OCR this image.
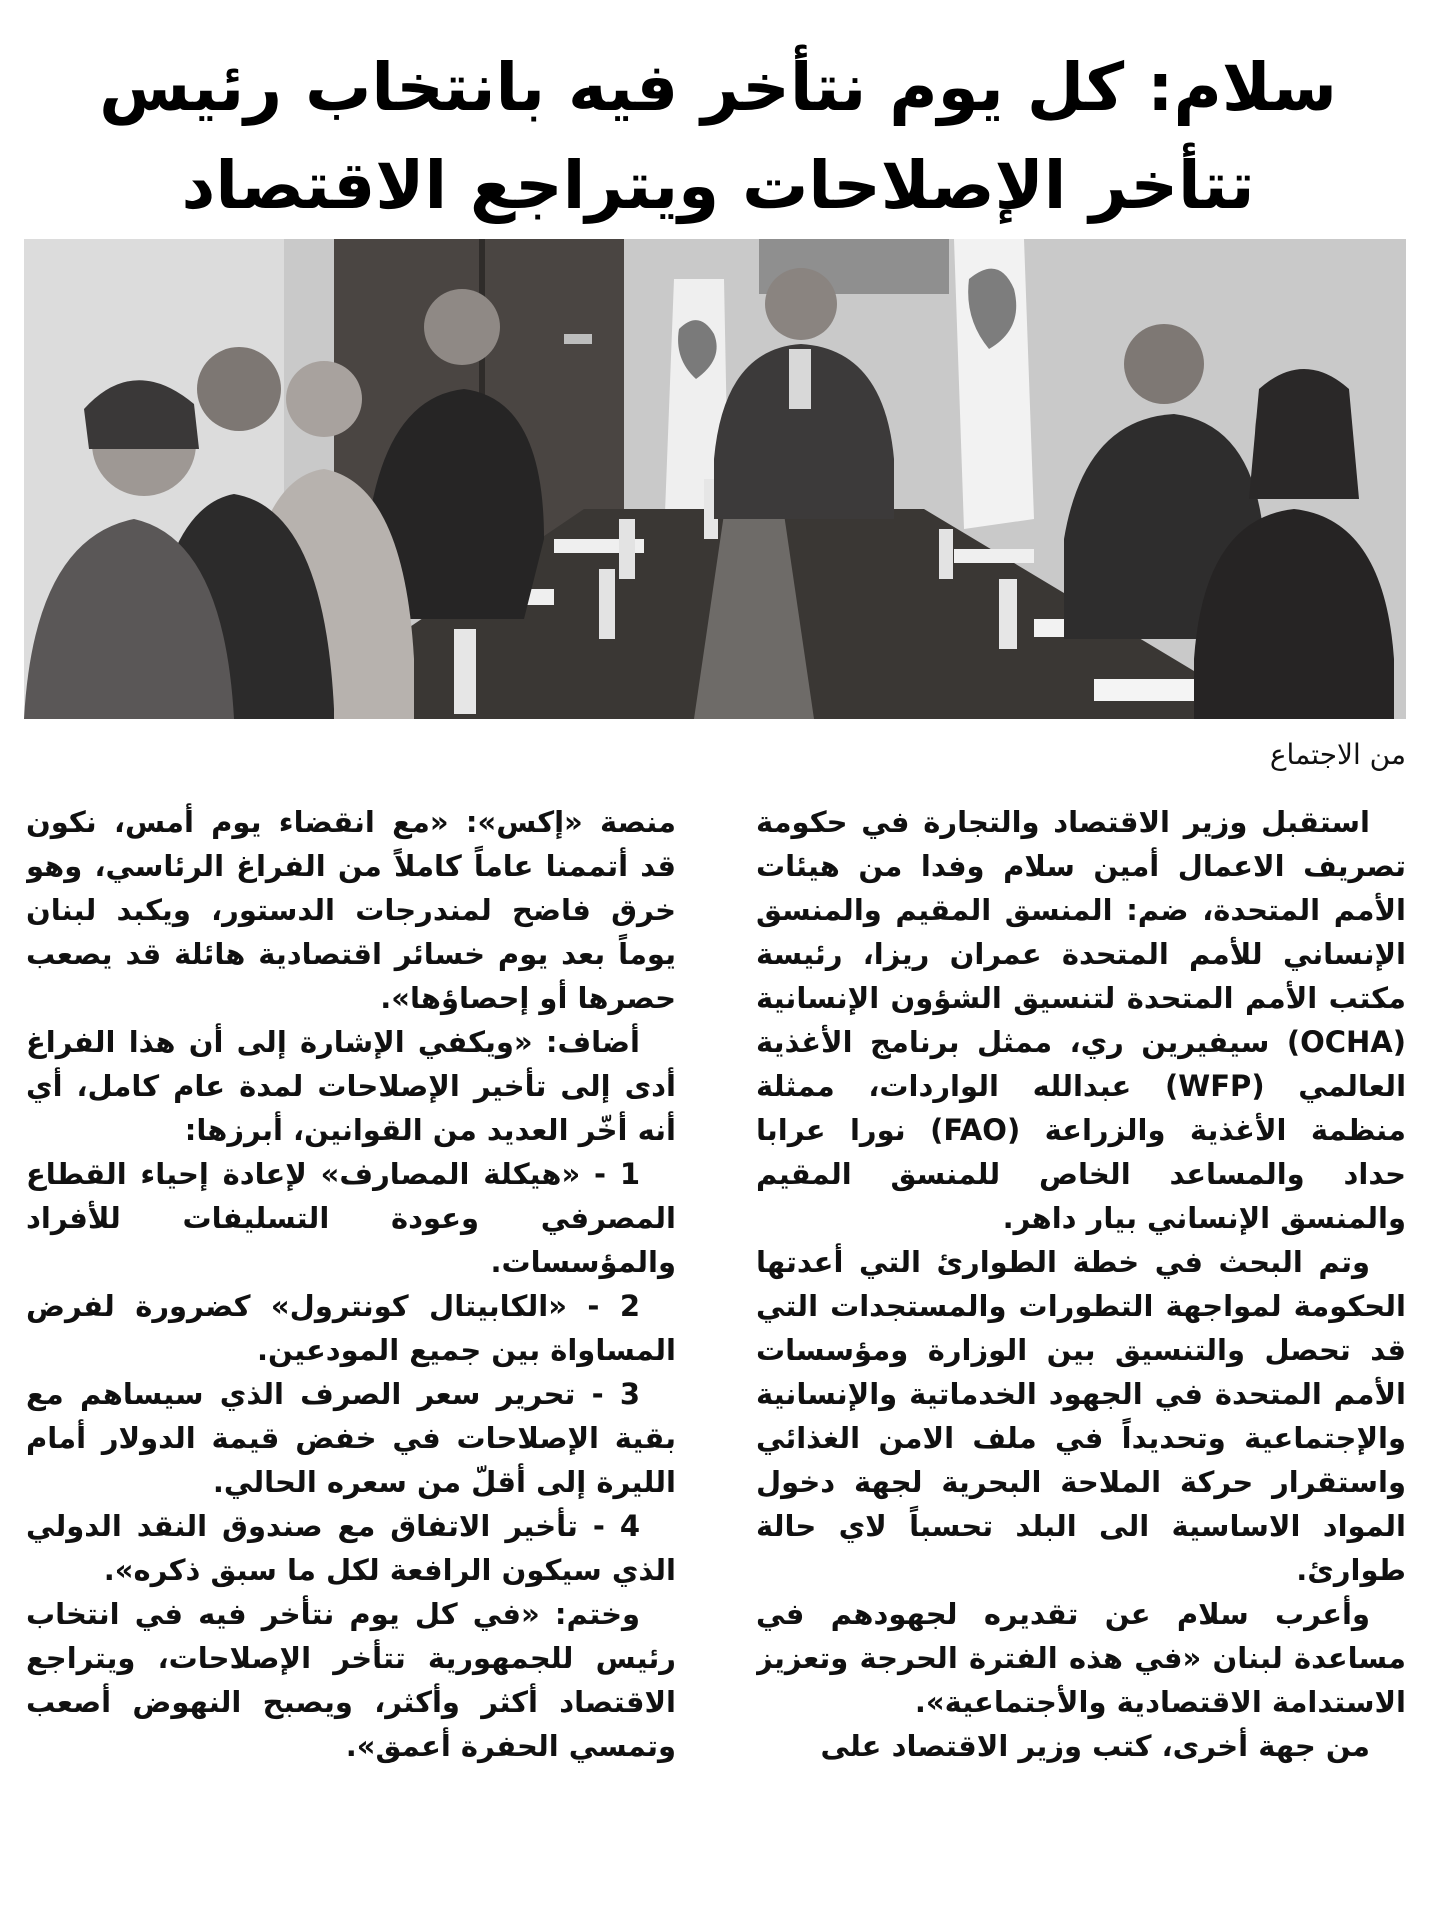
سلام: كل يوم نتأخر فيه بانتخاب رئيس
تتأخر الإصلاحات ويتراجع الاقتصاد
من الاجتماع

استقبل وزير الاقتصاد والتجارة في حكومة تصريف الاعمال أمين سلام وفدا من هيئات الأمم المتحدة، ضم: المنسق المقيم والمنسق الإنساني للأمم المتحدة عمران ريزا، رئيسة مكتب الأمم المتحدة لتنسيق الشؤون الإنسانية (OCHA) سيفيرين ري، ممثل برنامج الأغذية العالمي (WFP) عبدالله الواردات، ممثلة منظمة الأغذية والزراعة (FAO) نورا عرابا حداد والمساعد الخاص للمنسق المقيم والمنسق الإنساني بيار داهر.

وتم البحث في خطة الطوارئ التي أعدتها الحكومة لمواجهة التطورات والمستجدات التي قد تحصل والتنسيق بين الوزارة ومؤسسات الأمم المتحدة في الجهود الخدماتية والإنسانية والإجتماعية وتحديداً في ملف الامن الغذائي واستقرار حركة الملاحة البحرية لجهة دخول المواد الاساسية الى البلد تحسباً لاي حالة طوارئ.

وأعرب سلام عن تقديره لجهودهم في مساعدة لبنان «في هذه الفترة الحرجة وتعزيز الاستدامة الاقتصادية والأجتماعية».

من جهة أخرى، كتب وزير الاقتصاد على

منصة «إكس»: «مع انقضاء يوم أمس، نكون قد أتممنا عاماً كاملاً من الفراغ الرئاسي، وهو خرق فاضح لمندرجات الدستور، ويكبد لبنان يوماً بعد يوم خسائر اقتصادية هائلة قد يصعب حصرها أو إحصاؤها».

أضاف: «ويكفي الإشارة إلى أن هذا الفراغ أدى إلى تأخير الإصلاحات لمدة عام كامل، أي أنه أخّر العديد من القوانين، أبرزها:

1 - «هيكلة المصارف» لإعادة إحياء القطاع المصرفي وعودة التسليفات للأفراد والمؤسسات.

2 - «الكابيتال كونترول» كضرورة لفرض المساواة بين جميع المودعين.

3 - تحرير سعر الصرف الذي سيساهم مع بقية الإصلاحات في خفض قيمة الدولار أمام الليرة إلى أقلّ من سعره الحالي.

4 - تأخير الاتفاق مع صندوق النقد الدولي الذي سيكون الرافعة لكل ما سبق ذكره».

وختم: «في كل يوم نتأخر فيه في انتخاب رئيس للجمهورية تتأخر الإصلاحات، ويتراجع الاقتصاد أكثر وأكثر، ويصبح النهوض أصعب وتمسي الحفرة أعمق».
